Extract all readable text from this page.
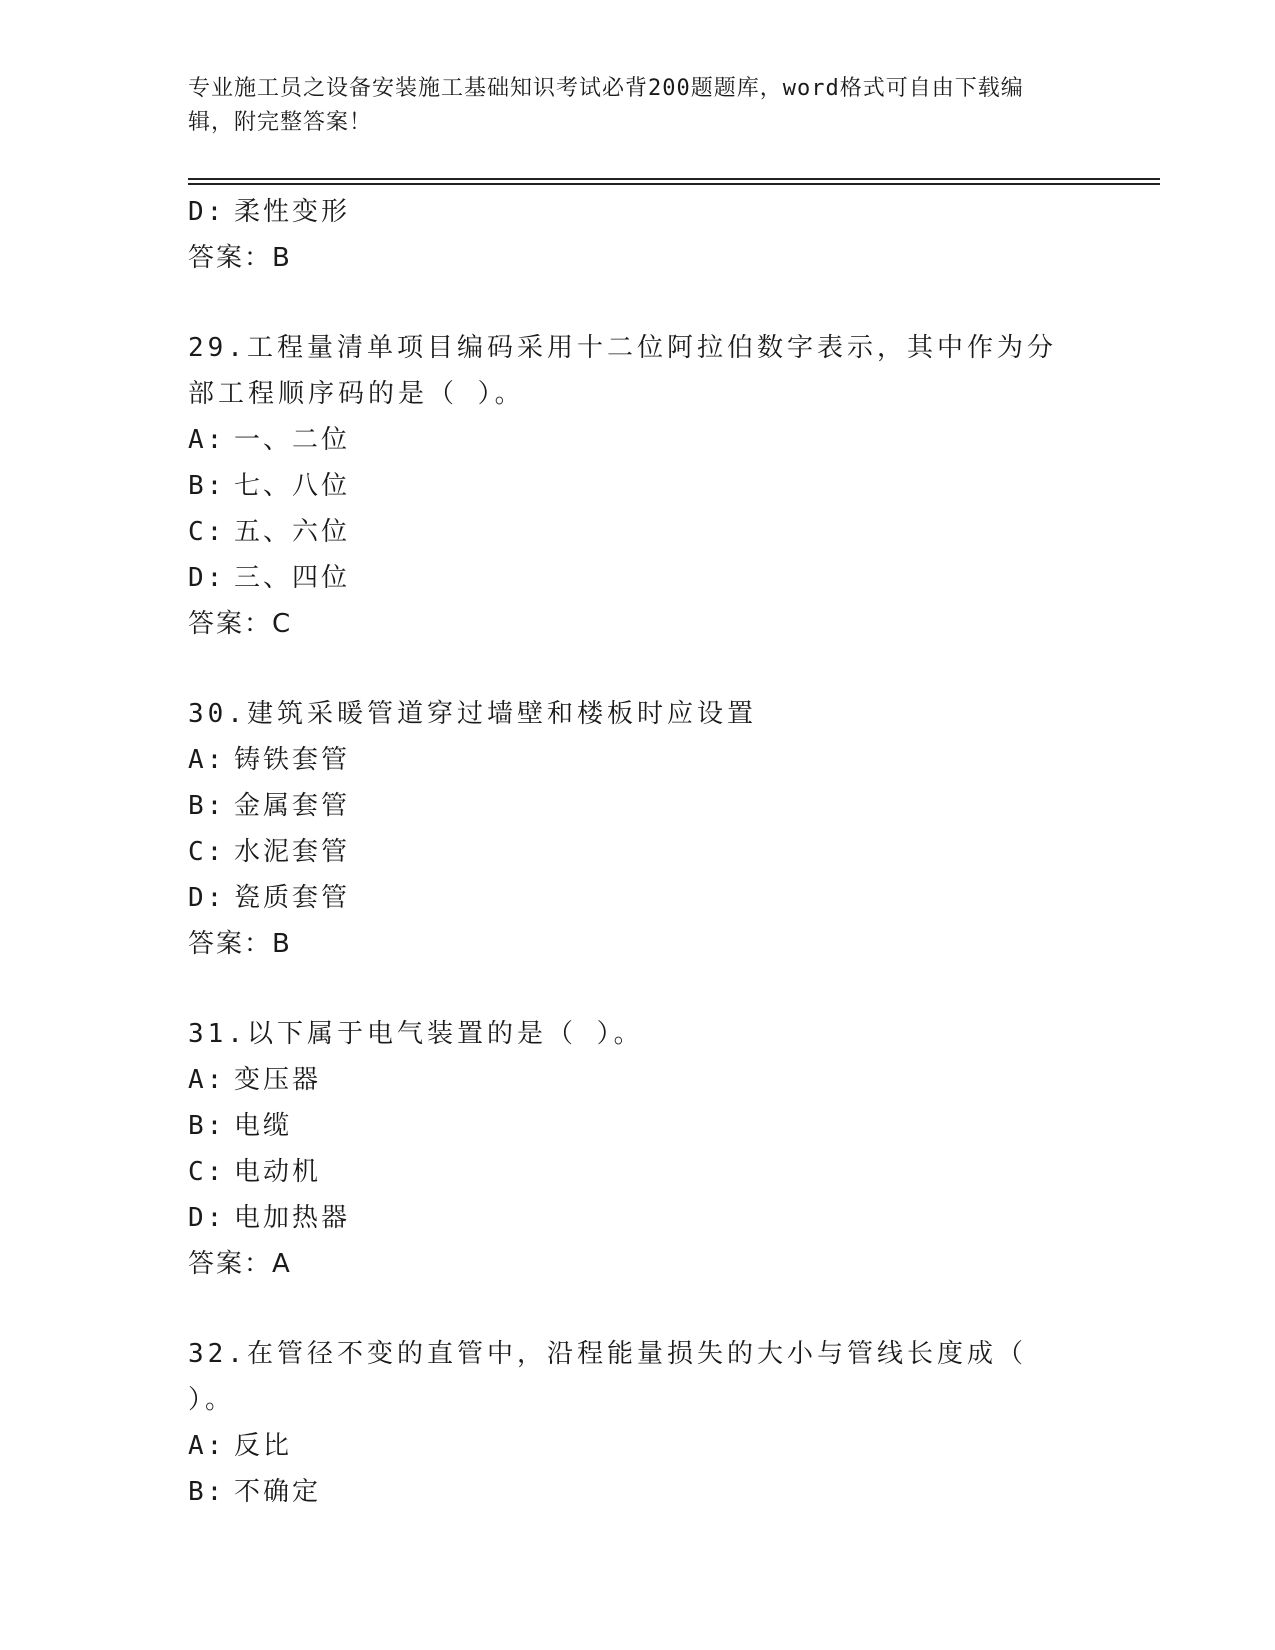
专业施工员之设备安装施工基础知识考试必背200题题库，word格式可自由下载编辑，附完整答案！

D: 柔性变形

答案：B

29.工程量清单项目编码采用十二位阿拉伯数字表示，其中作为分部工程顺序码的是（ ）。

A: 一、二位

B: 七、八位

C: 五、六位

D: 三、四位

答案：C

30.建筑采暖管道穿过墙壁和楼板时应设置

A: 铸铁套管

B: 金属套管

C: 水泥套管

D: 瓷质套管

答案：B

31.以下属于电气装置的是（ ）。

A: 变压器

B: 电缆

C: 电动机

D: 电加热器

答案：A

32.在管径不变的直管中，沿程能量损失的大小与管线长度成（ ）。

A: 反比

B: 不确定
